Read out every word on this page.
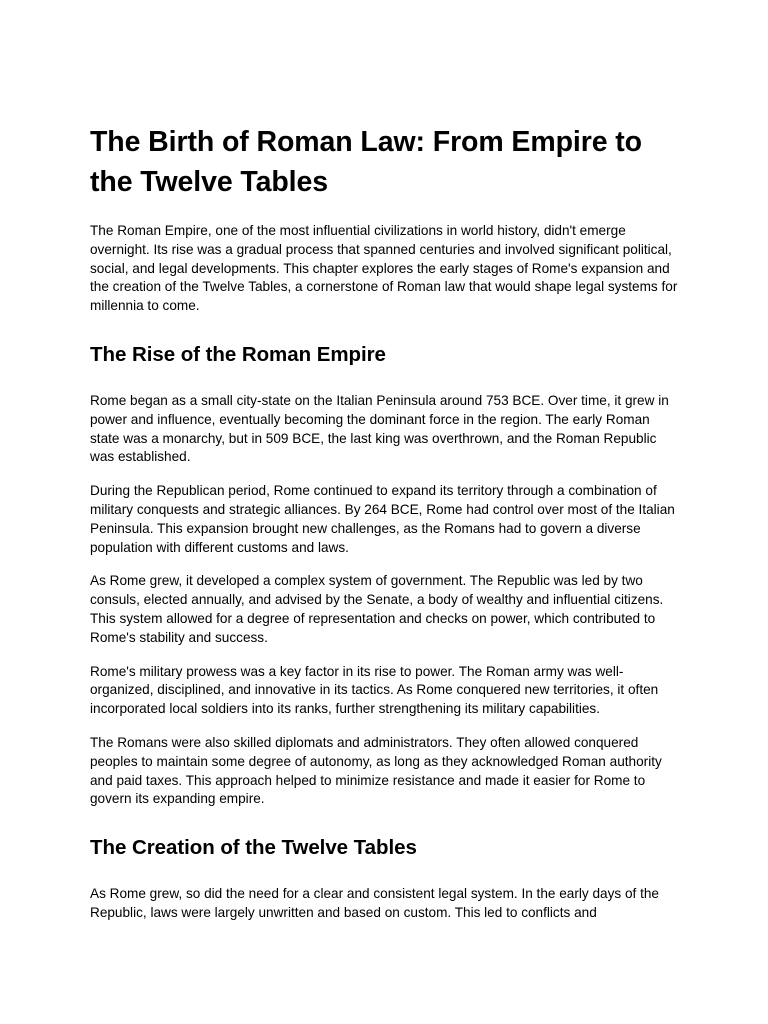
The Birth of Roman Law: From Empire to the Twelve Tables

The Roman Empire, one of the most influential civilizations in world history, didn't emerge overnight. Its rise was a gradual process that spanned centuries and involved significant political, social, and legal developments. This chapter explores the early stages of Rome's expansion and the creation of the Twelve Tables, a cornerstone of Roman law that would shape legal systems for millennia to come.

The Rise of the Roman Empire

Rome began as a small city-state on the Italian Peninsula around 753 BCE. Over time, it grew in power and influence, eventually becoming the dominant force in the region. The early Roman state was a monarchy, but in 509 BCE, the last king was overthrown, and the Roman Republic was established.

During the Republican period, Rome continued to expand its territory through a combination of military conquests and strategic alliances. By 264 BCE, Rome had control over most of the Italian Peninsula. This expansion brought new challenges, as the Romans had to govern a diverse population with different customs and laws.

As Rome grew, it developed a complex system of government. The Republic was led by two consuls, elected annually, and advised by the Senate, a body of wealthy and influential citizens. This system allowed for a degree of representation and checks on power, which contributed to Rome's stability and success.

Rome's military prowess was a key factor in its rise to power. The Roman army was well-organized, disciplined, and innovative in its tactics. As Rome conquered new territories, it often incorporated local soldiers into its ranks, further strengthening its military capabilities.

The Romans were also skilled diplomats and administrators. They often allowed conquered peoples to maintain some degree of autonomy, as long as they acknowledged Roman authority and paid taxes. This approach helped to minimize resistance and made it easier for Rome to govern its expanding empire.

The Creation of the Twelve Tables

As Rome grew, so did the need for a clear and consistent legal system. In the early days of the Republic, laws were largely unwritten and based on custom. This led to conflicts and
